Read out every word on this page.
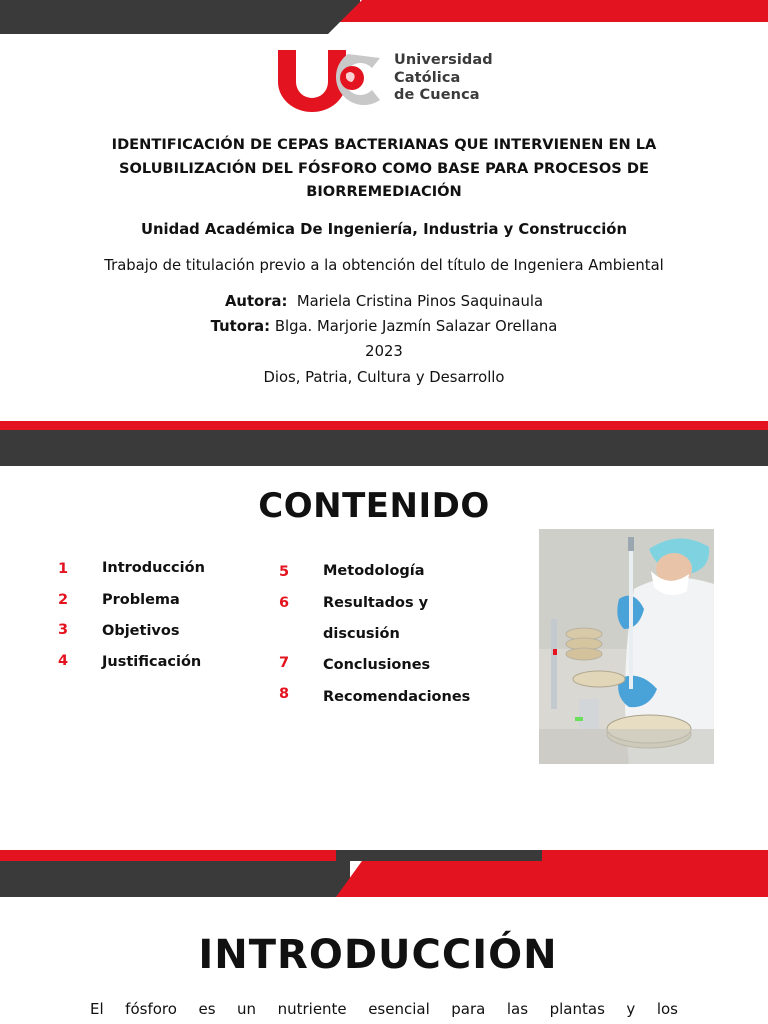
Universidad
Católica
de Cuenca
IDENTIFICACIÓN DE CEPAS BACTERIANAS QUE INTERVIENEN EN LA
SOLUBILIZACIÓN DEL FÓSFORO COMO BASE PARA PROCESOS DE
BIORREMEDIACIÓN
Unidad Académica De Ingeniería, Industria y Construcción
Trabajo de titulación previo a la obtención del título de Ingeniera Ambiental
Autora: Mariela Cristina Pinos Saquinaula
Tutora: Blga. Marjorie Jazmín Salazar Orellana
2023
Dios, Patria, Cultura y Desarrollo
CONTENIDO
1 Introducción
2 Problema
3 Objetivos
4 Justificación
5 Metodología
6 Resultados y
discusión
7 Conclusiones
8 Recomendaciones
INTRODUCCIÓN
El fósforo es un nutriente esencial para las plantas y los
